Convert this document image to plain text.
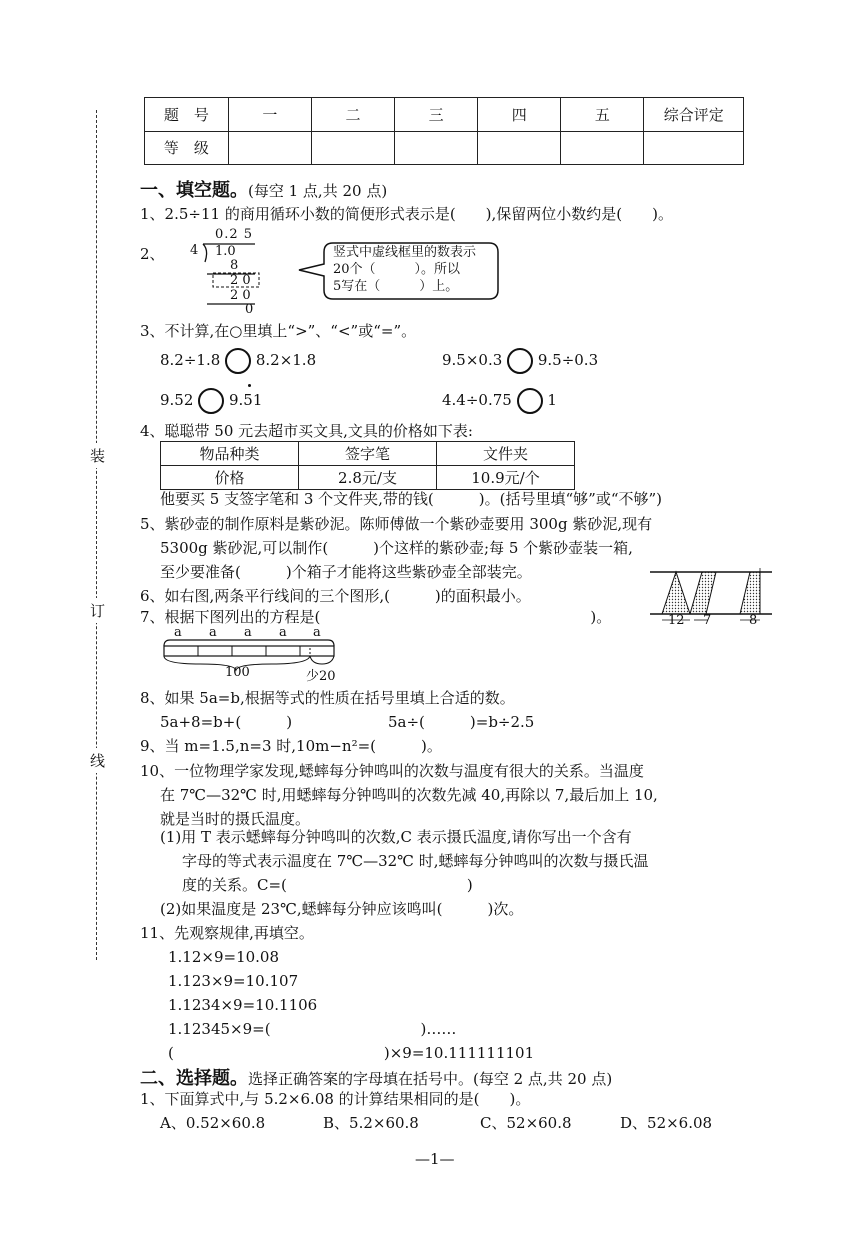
装
订
线
题　号	一	二	三	四	五	综合评定
等　级						
一、填空题。(每空 1 点,共 20 点)
1、2.5÷11 的商用循环小数的简便形式表示是(　　),保留两位小数约是(　　)。
2、
0.2 5
4 1.0
8
2 0
2 0
0
竖式中虚线框里的数表示
20个（　　　）。所以
5写在（　　　）上。
3、不计算,在○里填上“>”、“<”或“=”。
8.2÷1.8 8.2×1.8	9.5×0.3 9.5÷0.3
9.52 9.51	4.4÷0.75 1
4、聪聪带 50 元去超市买文具,文具的价格如下表:
物品种类	签字笔	文件夹
价格	2.8元/支	10.9元/个
他要买 5 支签字笔和 3 个文件夹,带的钱(　　　)。(括号里填“够”或“不够”)
5、紫砂壶的制作原料是紫砂泥。陈师傅做一个紫砂壶要用 300g 紫砂泥,现有
5300g 紫砂泥,可以制作(　　　)个这样的紫砂壶;每 5 个紫砂壶装一箱,
至少要准备(　　　)个箱子才能将这些紫砂壶全部装完。
6、如右图,两条平行线间的三个图形,(　　　)的面积最小。
12 7	8
7、根据下图列出的方程是(　　　　　　　　　　　　　　　　　　)。
a a a a a
100	少20
8、如果 5a=b,根据等式的性质在括号里填上合适的数。
5a+8=b+(　　　)	5a÷(　　　)=b÷2.5
9、当 m=1.5,n=3 时,10m−n²=(　　　)。
10、一位物理学家发现,蟋蟀每分钟鸣叫的次数与温度有很大的关系。当温度
在 7℃—32℃ 时,用蟋蟀每分钟鸣叫的次数先减 40,再除以 7,最后加上 10,
就是当时的摄氏温度。
(1)用 T 表示蟋蟀每分钟鸣叫的次数,C 表示摄氏温度,请你写出一个含有
字母的等式表示温度在 7℃—32℃ 时,蟋蟀每分钟鸣叫的次数与摄氏温
度的关系。C=(　　　　　　　　　　　　)
(2)如果温度是 23℃,蟋蟀每分钟应该鸣叫(　　　)次。
11、先观察规律,再填空。
1.12×9=10.08
1.123×9=10.107
1.1234×9=10.1106
1.12345×9=(　　　　　　　　　　)……
(　　　　　　　　　　　　　　)×9=10.111111101
二、选择题。选择正确答案的字母填在括号中。(每空 2 点,共 20 点)
1、下面算式中,与 5.2×6.08 的计算结果相同的是(　　)。
A、0.52×60.8	B、5.2×60.8	C、52×60.8	D、52×6.08
—1—
